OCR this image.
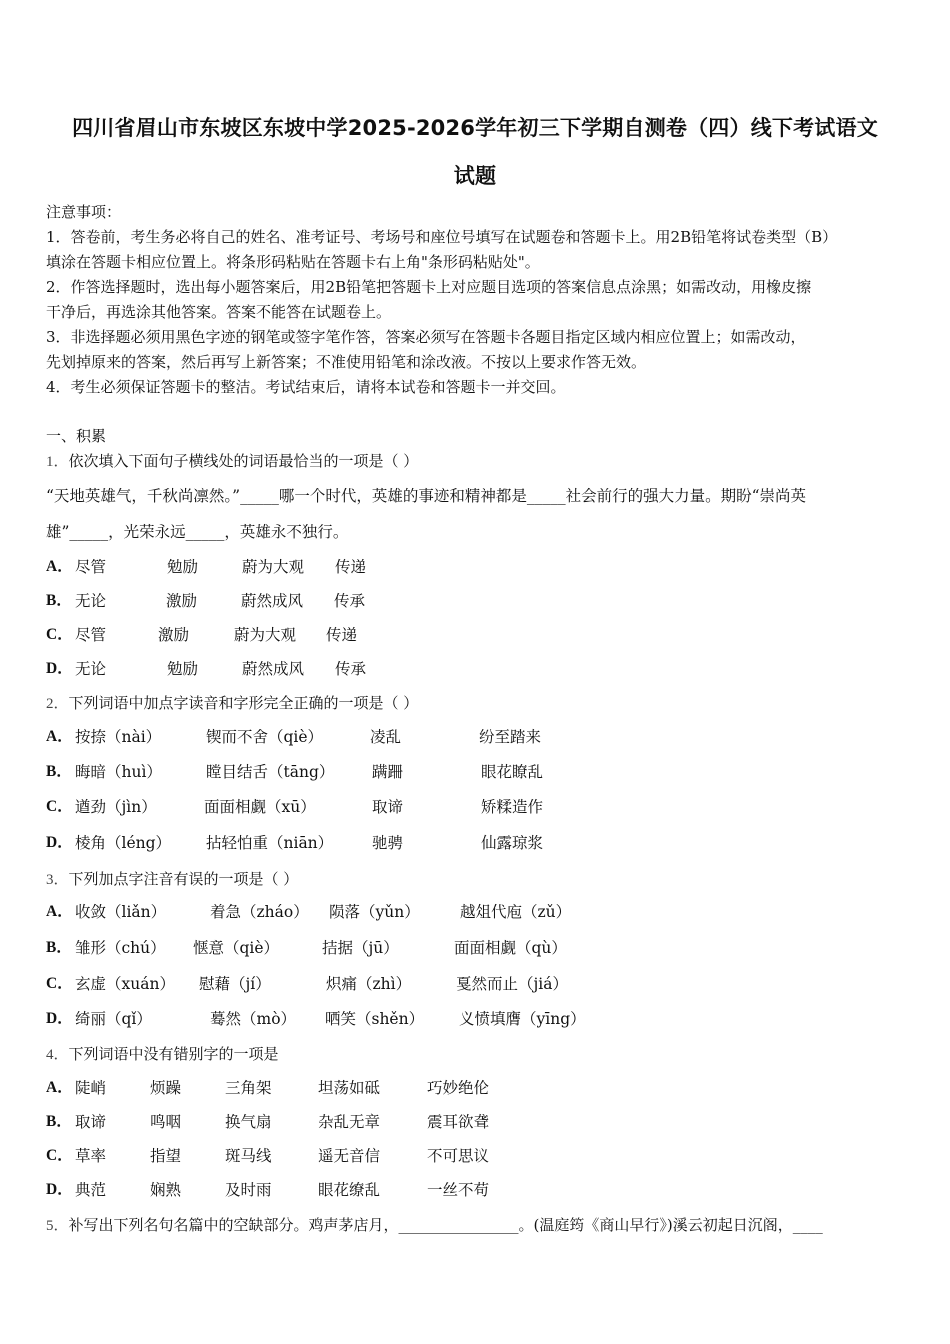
四川省眉山市东坡区东坡中学2025-2026学年初三下学期自测卷（四）线下考试语文
试题
注意事项：
1．答卷前，考生务必将自己的姓名、准考证号、考场号和座位号填写在试题卷和答题卡上。用2B铅笔将试卷类型（B）
填涂在答题卡相应位置上。将条形码粘贴在答题卡右上角"条形码粘贴处"。
2．作答选择题时，选出每小题答案后，用2B铅笔把答题卡上对应题目选项的答案信息点涂黑；如需改动，用橡皮擦
干净后，再选涂其他答案。答案不能答在试题卷上。
3．非选择题必须用黑色字迹的钢笔或签字笔作答，答案必须写在答题卡各题目指定区域内相应位置上；如需改动，
先划掉原来的答案，然后再写上新答案；不准使用铅笔和涂改液。不按以上要求作答无效。
4．考生必须保证答题卡的整洁。考试结束后，请将本试卷和答题卡一并交回。
一、积累
1．依次填入下面句子横线处的词语最恰当的一项是（ ）
“天地英雄气，千秋尚凛然。”_____哪一个时代，英雄的事迹和精神都是_____社会前行的强大力量。期盼“崇尚英
雄”_____，光荣永远_____，英雄永不独行。
A． 尽管	勉励	蔚为大观 传递
B． 无论	激励	蔚然成风 传承
C． 尽管	激励	蔚为大观 传递
D． 无论	勉励	蔚然成风 传承
2．下列词语中加点字读音和字形完全正确的一项是（ ）
A． 按捺（nài）	锲而不舍（qiè）	凌乱	纷至踏来
B． 晦暗（huì）	瞠目结舌（tāng） 蹒跚	眼花瞭乱
C． 遒劲（jìn）	面面相觑（xū）	取谛	矫糅造作
D． 棱角（léng） 拈轻怕重（niān）	驰骋	仙露琼浆
3．下列加点字注音有误的一项是（ ）
A． 收敛（liǎn）	着急（zháo） 陨落（yǔn）	越俎代庖（zǔ）
B． 雏形（chú） 惬意（qiè）	拮据（jū）	面面相觑（qù）
C． 玄虚（xuán） 慰藉（jí）	炽痛（zhì）	戛然而止（jiá）
D． 绮丽（qǐ）	蓦然（mò） 哂笑（shěn） 义愤填膺（yīng）
4．下列词语中没有错别字的一项是
A． 陡峭	烦躁	三角架	坦荡如砥	巧妙绝伦
B． 取谛	鸣咽	换气扇	杂乱无章	震耳欲聋
C． 草率	指望	斑马线	遥无音信	不可思议
D． 典范	娴熟	及时雨	眼花缭乱	一丝不苟
5．补写出下列名句名篇中的空缺部分。鸡声茅店月，________________。(温庭筠《商山早行》)溪云初起日沉阁，____
